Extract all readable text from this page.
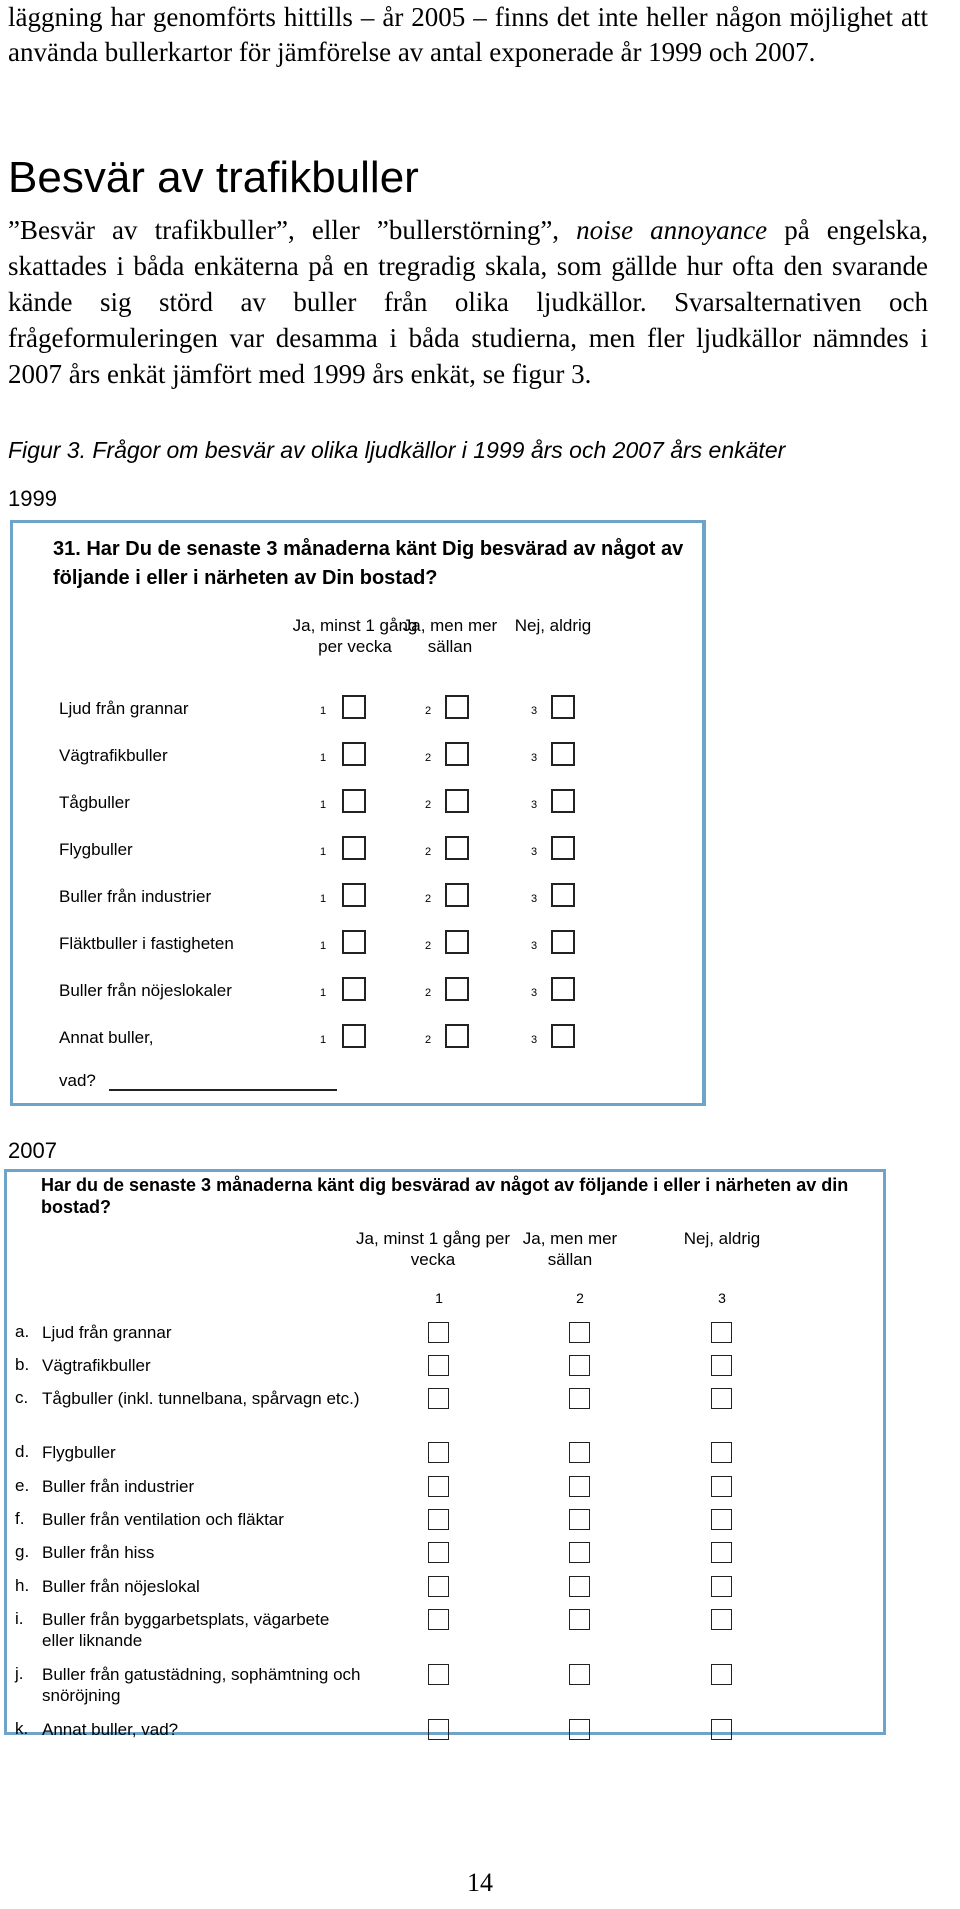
läggning har genomförts hittills – år 2005 – finns det inte heller någon möjlighet att använda bullerkartor för jämförelse av antal exponerade år 1999 och 2007.
Besvär av trafikbuller
”Besvär av trafikbuller”, eller ”bullerstörning”, noise annoyance på engelska, skattades i båda enkäterna på en tregradig skala, som gällde hur ofta den svarande kände sig störd av buller från olika ljudkällor. Svarsalternativen och frågeformuleringen var desamma i båda studierna, men fler ljudkällor nämndes i 2007 års enkät jämfört med 1999 års enkät, se figur 3.
Figur 3. Frågor om besvär av olika ljudkällor i 1999 års och 2007 års enkäter
1999
31. Har Du de senaste 3 månaderna känt Dig besvärad av något av följande i eller i närheten av Din bostad?
Ja, minst 1 gång per vecka
Ja, men mer sällan
Nej, aldrig
Ljud från grannar	1	2	3
Vägtrafikbuller	1	2	3
Tågbuller	1	2	3
Flygbuller	1	2	3
Buller från industrier	1	2	3
Fläktbuller i fastigheten	1	2	3
Buller från nöjeslokaler	1	2	3
Annat buller,	1	2	3
vad?
2007
Har du de senaste 3 månaderna känt dig besvärad av något av följande i eller i närheten av din bostad?
Ja, minst 1 gång per vecka
Ja, men mer sällan
Nej, aldrig
1	2	3
a. Ljud från grannar
b. Vägtrafikbuller
c. Tågbuller (inkl. tunnelbana, spårvagn etc.)
d. Flygbuller
e. Buller från industrier
f. Buller från ventilation och fläktar
g. Buller från hiss
h. Buller från nöjeslokal
i. Buller från byggarbetsplats, vägarbete eller liknande
j. Buller från gatustädning, sophämtning och snöröjning
k. Annat buller, vad?
14
